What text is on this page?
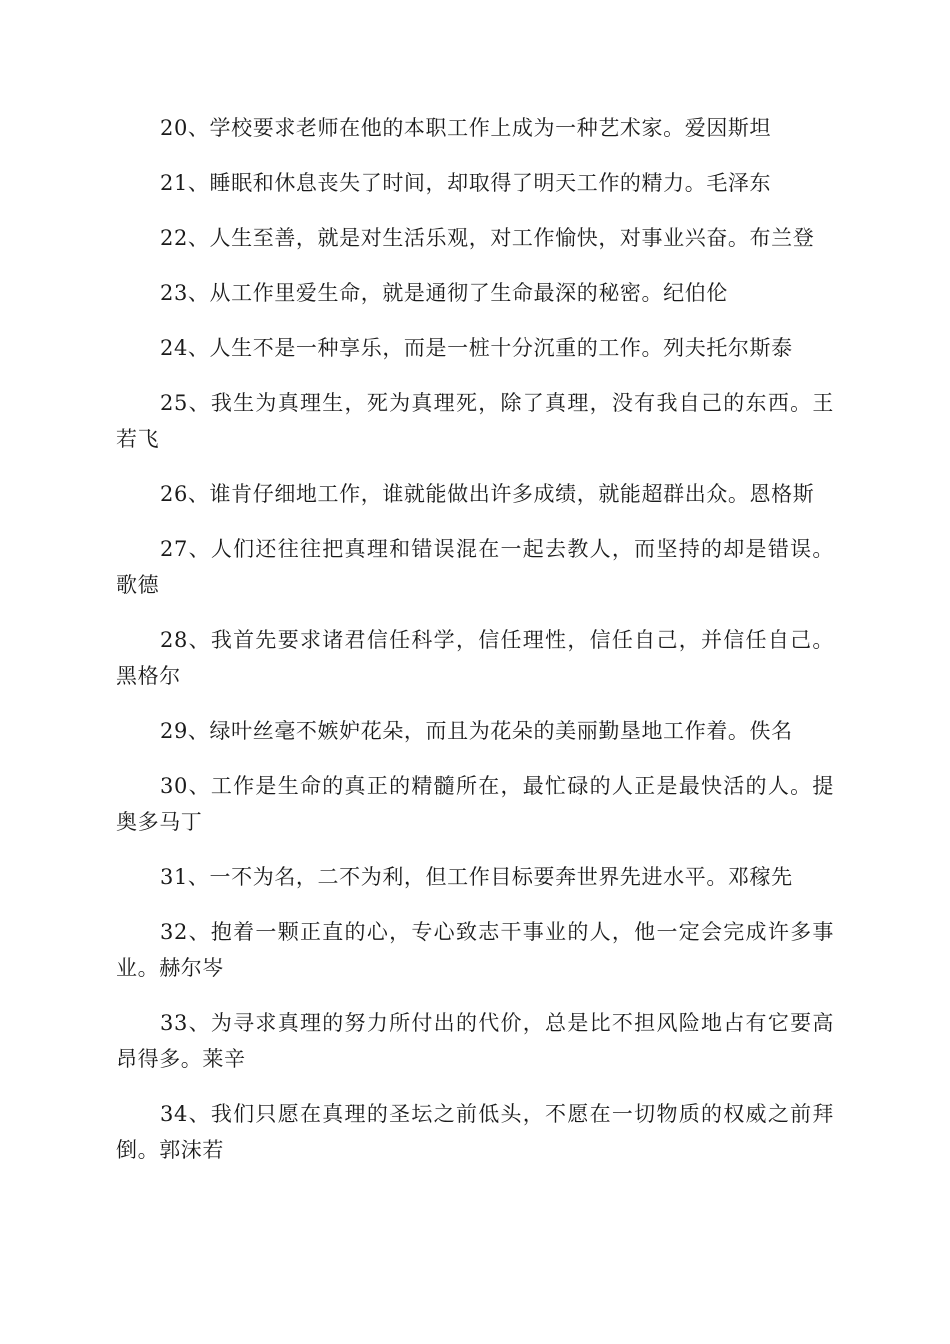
20、学校要求老师在他的本职工作上成为一种艺术家。爱因斯坦

21、睡眠和休息丧失了时间，却取得了明天工作的精力。毛泽东

22、人生至善，就是对生活乐观，对工作愉快，对事业兴奋。布兰登

23、从工作里爱生命，就是通彻了生命最深的秘密。纪伯伦

24、人生不是一种享乐，而是一桩十分沉重的工作。列夫托尔斯泰

25、我生为真理生，死为真理死，除了真理，没有我自己的东西。王若飞

26、谁肯仔细地工作，谁就能做出许多成绩，就能超群出众。恩格斯

27、人们还往往把真理和错误混在一起去教人，而坚持的却是错误。歌德

28、我首先要求诸君信任科学，信任理性，信任自己，并信任自己。黑格尔

29、绿叶丝毫不嫉妒花朵，而且为花朵的美丽勤垦地工作着。佚名

30、工作是生命的真正的精髓所在，最忙碌的人正是最快活的人。提奥多马丁

31、一不为名，二不为利，但工作目标要奔世界先进水平。邓稼先

32、抱着一颗正直的心，专心致志干事业的人，他一定会完成许多事业。赫尔岑

33、为寻求真理的努力所付出的代价，总是比不担风险地占有它要高昂得多。莱辛

34、我们只愿在真理的圣坛之前低头，不愿在一切物质的权威之前拜倒。郭沫若
